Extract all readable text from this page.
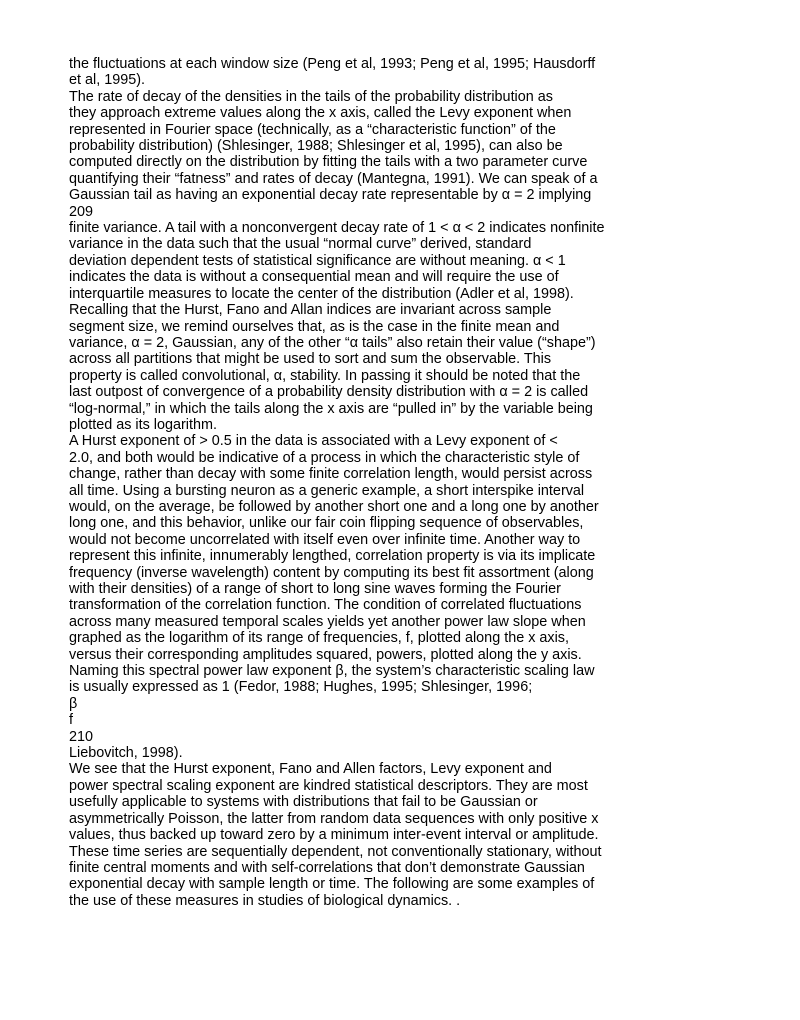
the fluctuations at each window size (Peng et al, 1993; Peng et al, 1995; Hausdorff
et al, 1995).
The rate of decay of the densities in the tails of the probability distribution as
they approach extreme values along the x axis, called the Levy exponent when
represented in Fourier space (technically, as a “characteristic function” of the
probability distribution) (Shlesinger, 1988; Shlesinger et al, 1995), can also be
computed directly on the distribution by fitting the tails with a two parameter curve
quantifying their “fatness” and rates of decay (Mantegna, 1991). We can speak of a
Gaussian tail as having an exponential decay rate representable by α = 2 implying
209
finite variance. A tail with a nonconvergent decay rate of 1 < α < 2 indicates nonfinite
variance in the data such that the usual “normal curve” derived, standard
deviation dependent tests of statistical significance are without meaning. α < 1
indicates the data is without a consequential mean and will require the use of
interquartile measures to locate the center of the distribution (Adler et al, 1998).
Recalling that the Hurst, Fano and Allan indices are invariant across sample
segment size, we remind ourselves that, as is the case in the finite mean and
variance, α = 2, Gaussian, any of the other “α tails” also retain their value (“shape”)
across all partitions that might be used to sort and sum the observable. This
property is called convolutional, α, stability. In passing it should be noted that the
last outpost of convergence of a probability density distribution with α = 2 is called
“log-normal,” in which the tails along the x axis are “pulled in” by the variable being
plotted as its logarithm.
A Hurst exponent of > 0.5 in the data is associated with a Levy exponent of <
2.0, and both would be indicative of a process in which the characteristic style of
change, rather than decay with some finite correlation length, would persist across
all time. Using a bursting neuron as a generic example, a short interspike interval
would, on the average, be followed by another short one and a long one by another
long one, and this behavior, unlike our fair coin flipping sequence of observables,
would not become uncorrelated with itself even over infinite time. Another way to
represent this infinite, innumerably lengthed, correlation property is via its implicate
frequency (inverse wavelength) content by computing its best fit assortment (along
with their densities) of a range of short to long sine waves forming the Fourier
transformation of the correlation function. The condition of correlated fluctuations
across many measured temporal scales yields yet another power law slope when
graphed as the logarithm of its range of frequencies, f, plotted along the x axis,
versus their corresponding amplitudes squared, powers, plotted along the y axis.
Naming this spectral power law exponent β, the system’s characteristic scaling law
is usually expressed as 1 (Fedor, 1988; Hughes, 1995; Shlesinger, 1996;
β
f
210
Liebovitch, 1998).
We see that the Hurst exponent, Fano and Allen factors, Levy exponent and
power spectral scaling exponent are kindred statistical descriptors. They are most
usefully applicable to systems with distributions that fail to be Gaussian or
asymmetrically Poisson, the latter from random data sequences with only positive x
values, thus backed up toward zero by a minimum inter-event interval or amplitude.
These time series are sequentially dependent, not conventionally stationary, without
finite central moments and with self-correlations that don’t demonstrate Gaussian
exponential decay with sample length or time. The following are some examples of
the use of these measures in studies of biological dynamics. .
